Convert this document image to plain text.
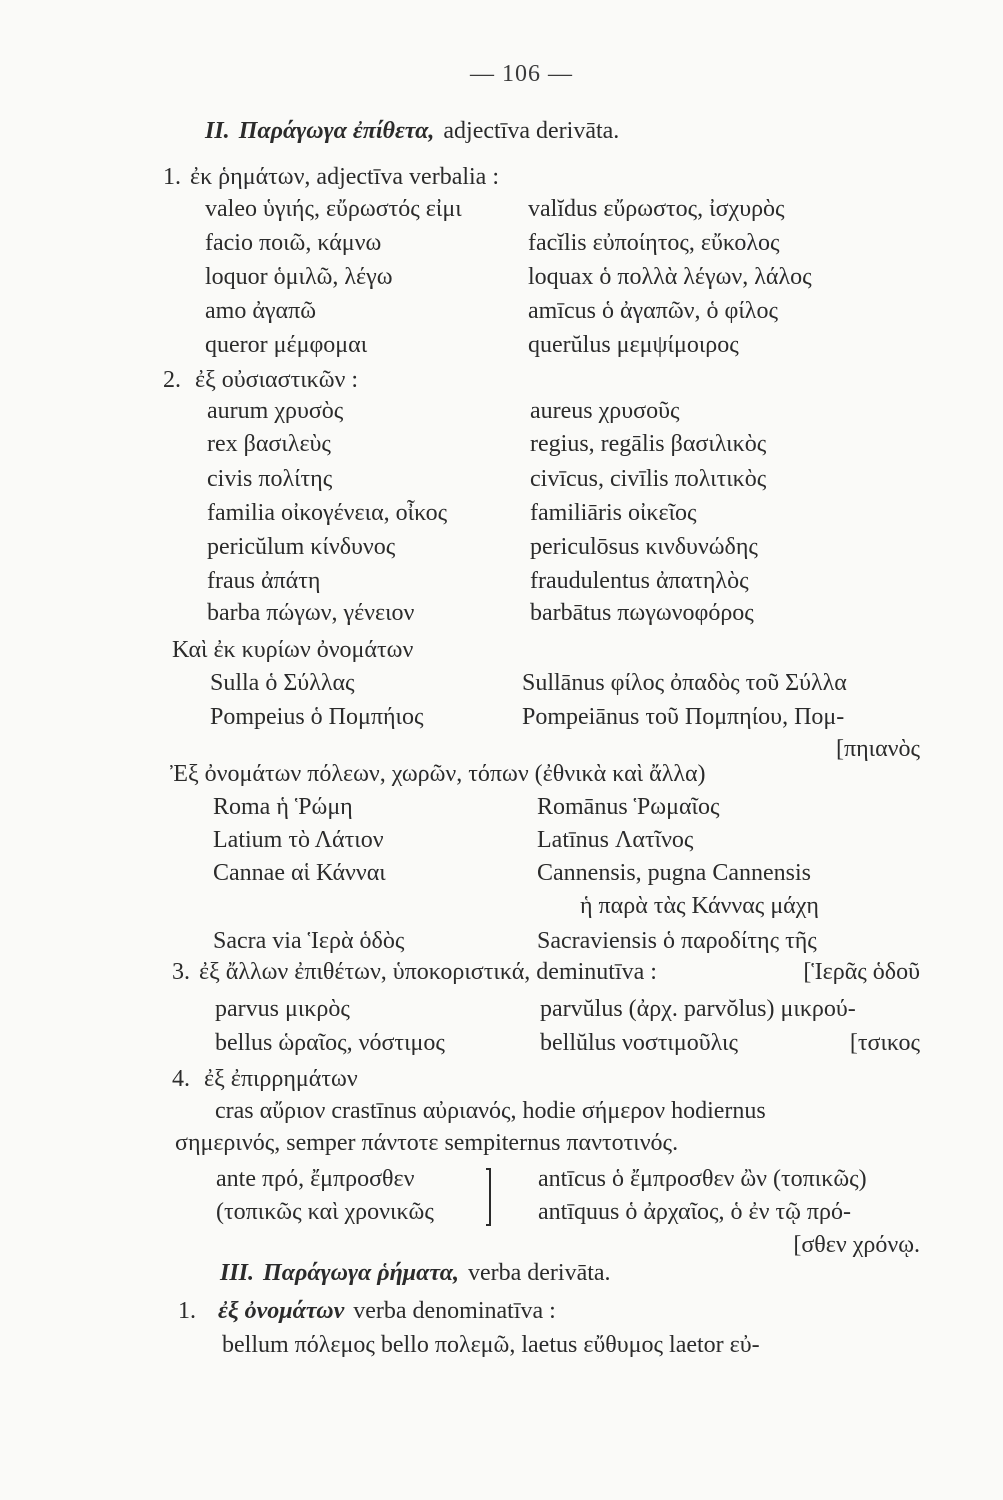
— 106 —
II. Παράγωγα ἐπίθετα, adjectīva derivāta.
1. ἐκ ῥημάτων, adjectīva verbalia :
valeo ὑγιής, εὔρωστός εἰμι	valĭdus εὔρωστος, ἰσχυρὸς
facio ποιῶ, κάμνω	facĭlis εὐποίητος, εὔκολος
loquor ὁμιλῶ, λέγω	loquax ὁ πολλὰ λέγων, λάλος
amo ἀγαπῶ	amīcus ὁ ἀγαπῶν, ὁ φίλος
queror μέμφομαι	querŭlus μεμψίμοιρος
2. ἐξ οὐσιαστικῶν :
aurum χρυσὸς	aureus χρυσοῦς
rex βασιλεὺς	regius, regālis βασιλικὸς
civis πολίτης	civīcus, civīlis πολιτικὸς
familia οἰκογένεια, οἶκος	familiāris οἰκεῖος
pericŭlum κίνδυνος	periculōsus κινδυνώδης
fraus ἀπάτη	fraudulentus ἀπατηλὸς
barba πώγων, γένειον	barbātus πωγωνοφόρος
Καὶ ἐκ κυρίων ὀνομάτων
Sulla ὁ Σύλλας	Sullānus φίλος ὀπαδὸς τοῦ Σύλλα
Pompeius ὁ Πομπήιος	Pompeiānus τοῦ Πομπηίου, Πομ-
[πηιανὸς
Ἐξ ὀνομάτων πόλεων, χωρῶν, τόπων (ἐθνικὰ καὶ ἄλλα)
Roma ἡ Ῥώμη	Romānus Ῥωμαῖος
Latium τὸ Λάτιον	Latīnus Λατῖνος
Cannae αἱ Κάνναι	Cannensis, pugna Cannensis
ἡ παρὰ τὰς Κάννας μάχη
Sacra via Ἱερὰ ὁδὸς	Sacraviensis ὁ παροδίτης τῆς
3. ἐξ ἄλλων ἐπιθέτων, ὑποκοριστικά, deminutīva :	[Ἱερᾶς ὁδοῦ
parvus μικρὸς	parvŭlus (ἀρχ. parvŏlus) μικρού-
bellus ὡραῖος, νόστιμος	bellŭlus νοστιμοῦλις	[τσικος
4. ἐξ ἐπιρρημάτων
cras αὔριον crastīnus αὐριανός, hodie σήμερον hodiernus
σημερινός, semper πάντοτε sempiternus παντοτινός.
ante πρό, ἔμπροσθεν	antīcus ὁ ἔμπροσθεν ὢν (τοπικῶς)
(τοπικῶς καὶ χρονικῶς	antīquus ὁ ἀρχαῖος, ὁ ἐν τῷ πρό-
[σθεν χρόνῳ.
III. Παράγωγα ῥήματα, verba derivāta.
1. ἐξ ὀνομάτων verba denominatīva :
bellum πόλεμος bello πολεμῶ, laetus εὔθυμος laetor εὐ-
